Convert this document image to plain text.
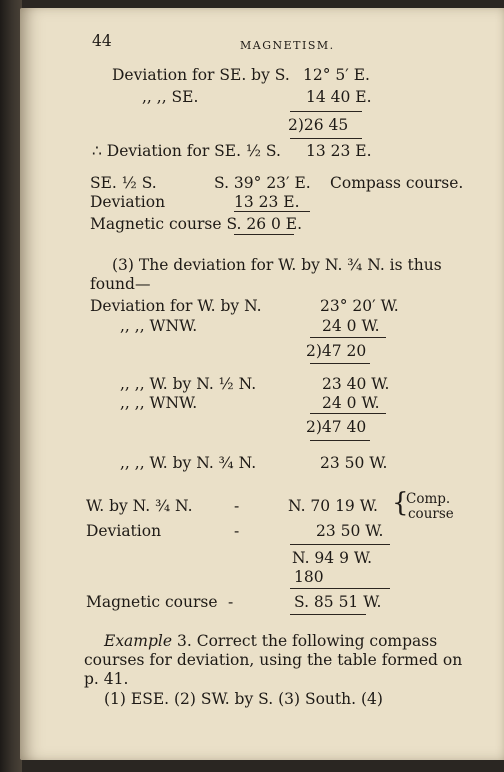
44	MAGNETISM.
Deviation for SE. by S. 12° 5′ E.
,, ,, SE.	14 40 E.
2)26 45
∴ Deviation for SE. ½ S. 13 23 E.
SE. ½ S.	S. 39° 23′ E. Compass course.
Deviation	13 23 E.
Magnetic course S. 26 0 E.
(3) The deviation for W. by N. ¾ N. is thus
found—
Deviation for W. by N.	23° 20′ W.
,, ,, WNW.	24 0 W.
2)47 20
,, ,, W. by N. ½ N.	23 40 W.
,, ,, WNW.	24 0 W.
2)47 40
,, ,, W. by N. ¾ N.	23 50 W.
W. by N. ¾ N.	-	N. 70 19 W. {
Comp.
course
Deviation	-	23 50 W.
N. 94 9 W.
180
Magnetic course -	S. 85 51 W.
Example 3. Correct the following compass
courses for deviation, using the table formed on
p. 41.
(1) ESE. (2) SW. by S. (3) South. (4)
